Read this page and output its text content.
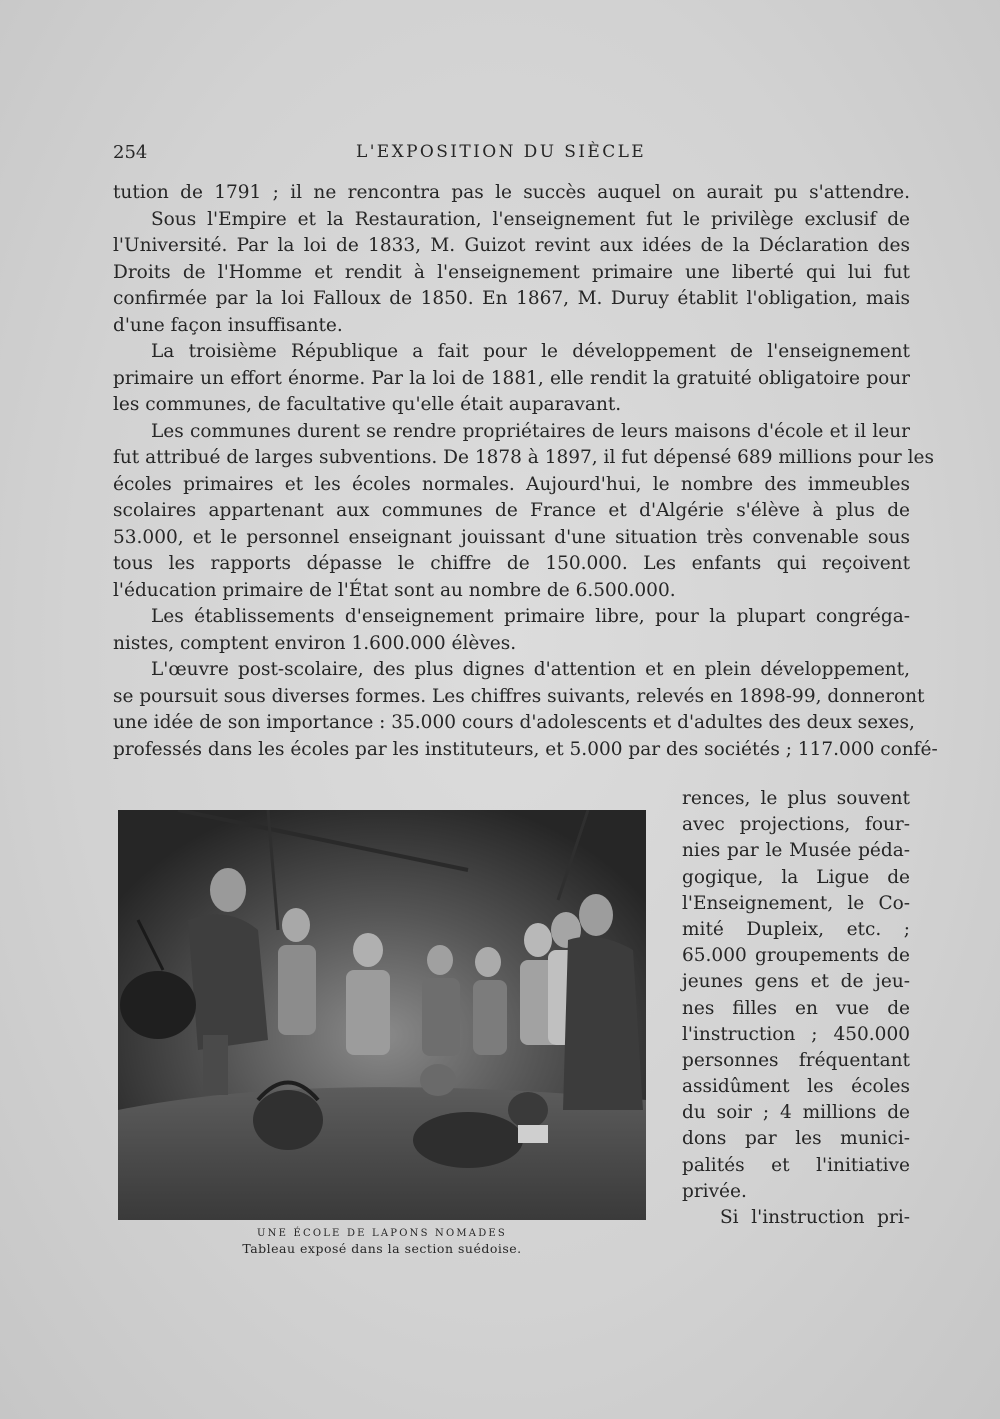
254	L'EXPOSITION DU SIÈCLE
tution de 1791 ; il ne rencontra pas le succès auquel on aurait pu s'attendre.
Sous l'Empire et la Restauration, l'enseignement fut le privilège exclusif de
l'Université. Par la loi de 1833, M. Guizot revint aux idées de la Déclaration des
Droits de l'Homme et rendit à l'enseignement primaire une liberté qui lui fut
confirmée par la loi Falloux de 1850. En 1867, M. Duruy établit l'obligation, mais
d'une façon insuffisante.
La troisième République a fait pour le développement de l'enseignement
primaire un effort énorme. Par la loi de 1881, elle rendit la gratuité obligatoire pour
les communes, de facultative qu'elle était auparavant.
Les communes durent se rendre propriétaires de leurs maisons d'école et il leur
fut attribué de larges subventions. De 1878 à 1897, il fut dépensé 689 millions pour les
écoles primaires et les écoles normales. Aujourd'hui, le nombre des immeubles
scolaires appartenant aux communes de France et d'Algérie s'élève à plus de
53.000, et le personnel enseignant jouissant d'une situation très convenable sous
tous les rapports dépasse le chiffre de 150.000. Les enfants qui reçoivent
l'éducation primaire de l'État sont au nombre de 6.500.000.
Les établissements d'enseignement primaire libre, pour la plupart congréga-
nistes, comptent environ 1.600.000 élèves.
L'œuvre post-scolaire, des plus dignes d'attention et en plein développement,
se poursuit sous diverses formes. Les chiffres suivants, relevés en 1898-99, donneront
une idée de son importance : 35.000 cours d'adolescents et d'adultes des deux sexes,
professés dans les écoles par les instituteurs, et 5.000 par des sociétés ; 117.000 confé-
UNE ÉCOLE DE LAPONS NOMADES
Tableau exposé dans la section suédoise.
rences, le plus souvent
avec projections, four-
nies par le Musée péda-
gogique, la Ligue de
l'Enseignement, le Co-
mité Dupleix, etc. ;
65.000 groupements de
jeunes gens et de jeu-
nes filles en vue de
l'instruction ; 450.000
personnes fréquentant
assidûment les écoles
du soir ; 4 millions de
dons par les munici-
palités et l'initiative
privée.
Si l'instruction pri-
